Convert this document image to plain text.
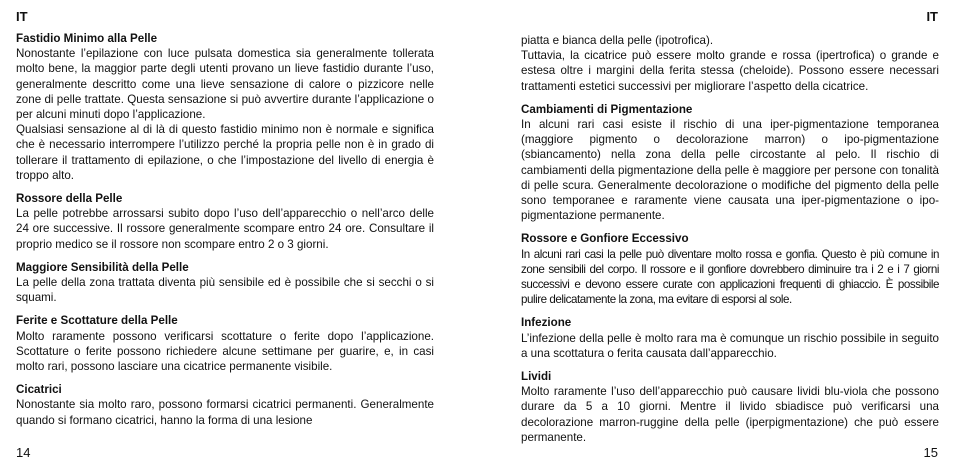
IT
Fastidio Minimo alla Pelle

Nonostante l’epilazione con luce pulsata domestica sia generalmente tollerata molto bene, la maggior parte degli utenti provano un lieve fastidio durante l’uso, generalmente descritto come una lieve sensazione di calore o pizzicore nelle zone di pelle trattate. Questa sensazione si può avvertire durante l’applicazione o per alcuni minuti dopo l’applicazione.

Qualsiasi sensazione al di là di questo fastidio minimo non è normale e significa che è necessario interrompere l’utilizzo perché la propria pelle non è in grado di tollerare il trattamento di epilazione, o che l’impostazione del livello di energia è troppo alto.

Rossore della Pelle

La pelle potrebbe arrossarsi subito dopo l’uso dell’apparecchio o nell’arco delle 24 ore successive. Il rossore generalmente scompare entro 24 ore. Consultare il proprio medico se il rossore non scompare entro 2 o 3 giorni.

Maggiore Sensibilità della Pelle

La pelle della zona trattata diventa più sensibile ed è possibile che si secchi o si squami.

Ferite e Scottature della Pelle

Molto raramente possono verificarsi scottature o ferite dopo l’applicazione. Scottature o ferite possono richiedere alcune settimane per guarire, e, in casi molto rari, possono lasciare una cicatrice permanente visibile.

Cicatrici

Nonostante sia molto raro, possono formarsi cicatrici permanenti. Generalmente quando si formano cicatrici, hanno la forma di una lesione

14
IT

piatta e bianca della pelle (ipotrofica).

Tuttavia, la cicatrice può essere molto grande e rossa (ipertrofica) o grande e estesa oltre i margini della ferita stessa (cheloide). Possono essere necessari trattamenti estetici successivi per migliorare l’aspetto della cicatrice.

Cambiamenti di Pigmentazione

In alcuni rari casi esiste il rischio di una iper-pigmentazione temporanea (maggiore pigmento o decolorazione marron) o ipo-pigmentazione (sbiancamento) nella zona della pelle circostante al pelo. Il rischio di cambiamenti della pigmentazione della pelle è maggiore per persone con tonalità di pelle scura. Generalmente decolorazione o modifiche del pigmento della pelle sono temporanee e raramente viene causata una iper-pigmentazione o ipo-pigmentazione permanente.

Rossore e Gonfiore Eccessivo

In alcuni rari casi la pelle può diventare molto rossa e gonfia. Questo è più comune in zone sensibili del corpo. Il rossore e il gonfiore dovrebbero diminuire tra i 2 e i 7 giorni successivi e devono essere curate con applicazioni frequenti di ghiaccio. È possibile pulire delicatamente la zona, ma evitare di esporsi al sole.

Infezione

L’infezione della pelle è molto rara ma è comunque un rischio possibile in seguito a una scottatura o ferita causata dall’apparecchio.

Lividi

Molto raramente l’uso dell’apparecchio può causare lividi blu-viola che possono durare da 5 a 10 giorni. Mentre il livido sbiadisce può verificarsi una decolorazione marron-ruggine della pelle (iperpigmentazione) che può essere permanente.

15
